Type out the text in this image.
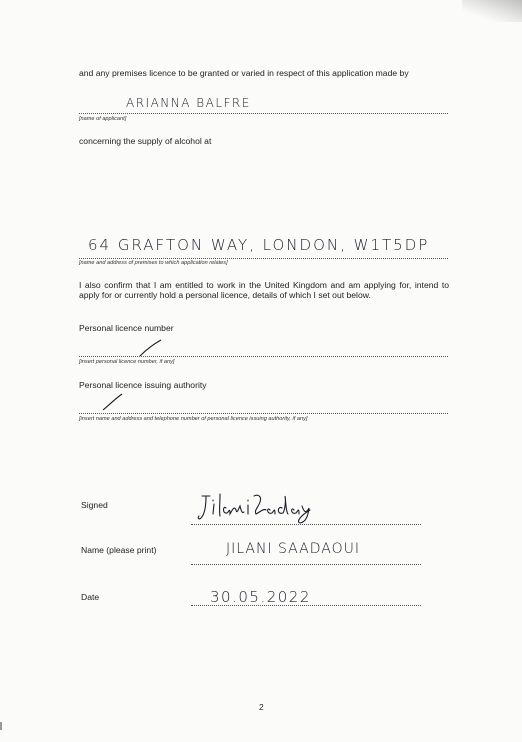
and any premises licence to be granted or varied in respect of this application made by
ARIANNA BALFRE
[name of applicant]
concerning the supply of alcohol at
64 GRAFTON WAY, LONDON, W1T5DP
[name and address of premises to which application relates]
I also confirm that I am entitled to work in the United Kingdom and am applying for, intend to apply for or currently hold a personal licence, details of which I set out below.
Personal licence number
[insert personal licence number, if any]
Personal licence issuing authority
[insert name and address and telephone number of personal licence issuing authority, if any]
Signed
Name (please print)	JILANI SAADAOUI
Date	30.05.2022
2
